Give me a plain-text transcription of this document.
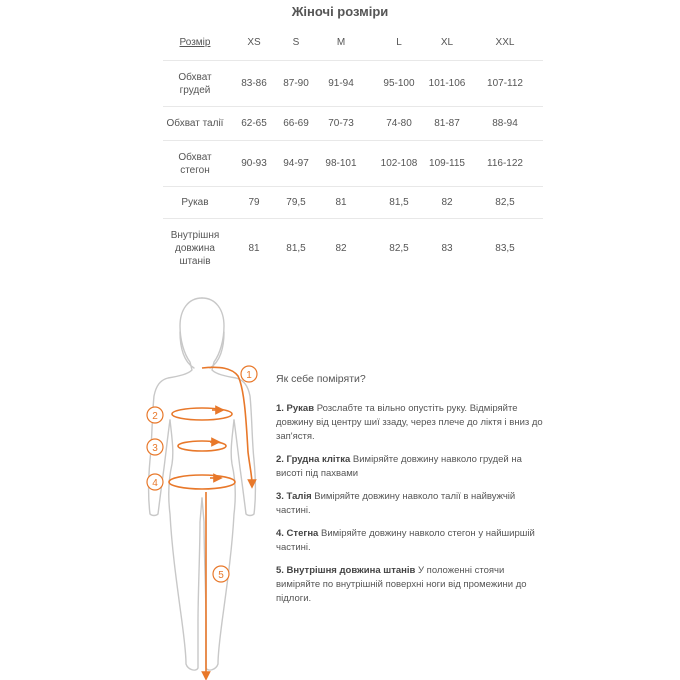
Жіночі розміри
Розмір	XS	S	M	L	XL	XXL

Обхват грудей	83-86	87-90	91-94	95-100	101-106	107-112

Обхват талії	62-65	66-69	70-73	74-80	81-87	88-94

Обхват стегон	90-93	94-97	98-101	102-108	109-115	116-122
Рукав	79	79,5	81	81,5	82	82,5

Внутрішня довжина штанів	81	81,5	82	82,5	83	83,5
1
2
3
4
5
Як себе поміряти?
1. Рукав Розслабте та вільно опустіть руку. Відміряйте довжину від центру шиї ззаду, через плече до ліктя і вниз до зап'ястя.
2. Грудна клітка Виміряйте довжину навколо грудей на висоті під пахвами
3. Талія Виміряйте довжину навколо талії в найвужчій частині.
4. Стегна Виміряйте довжину навколо стегон у найширшій частині.
5. Внутрішня довжина штанів У положенні стоячи виміряйте по внутрішній поверхні ноги від промежини до підлоги.
